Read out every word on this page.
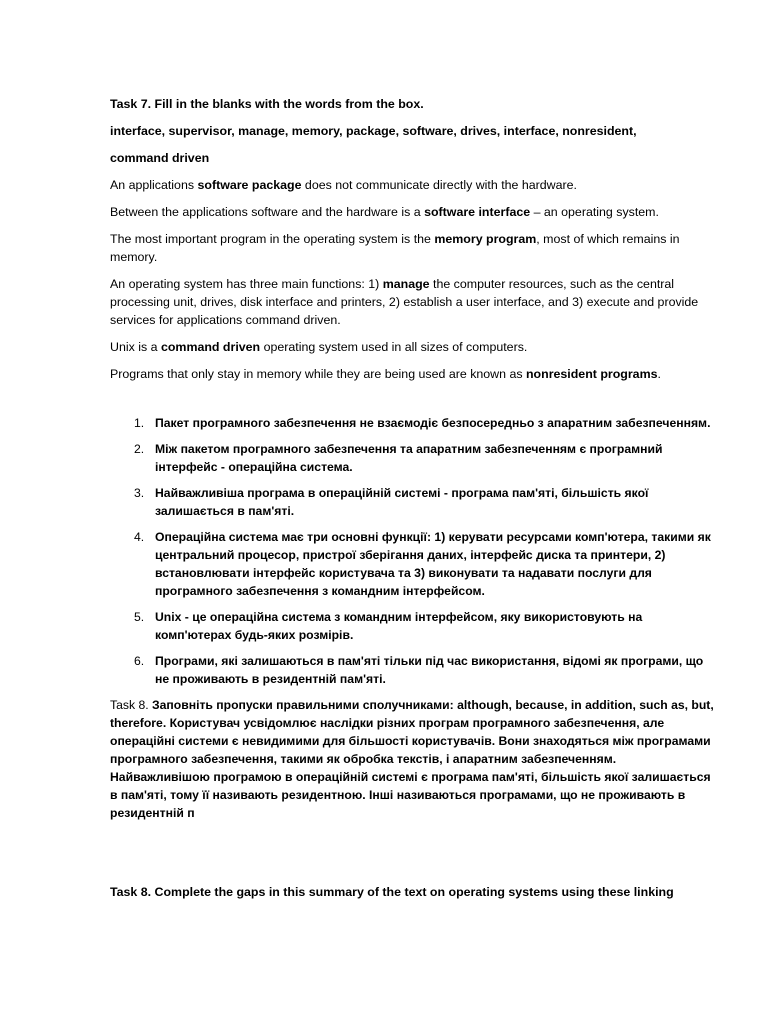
Task 7. Fill in the blanks with the words from the box.

interface, supervisor, manage, memory, package, software, drives, interface, nonresident,

command driven

An applications software package does not communicate directly with the hardware.

Between the applications software and the hardware is a software interface – an operating system.

The most important program in the operating system is the memory program, most of which remains in memory.

An operating system has three main functions: 1) manage the computer resources, such as the central processing unit, drives, disk interface and printers, 2) establish a user interface, and 3) execute and provide services for applications command driven.

Unix is a command driven operating system used in all sizes of computers.

Programs that only stay in memory while they are being used are known as nonresident programs.

1. Пакет програмного забезпечення не взаємодіє безпосередньо з апаратним забезпеченням.
2. Між пакетом програмного забезпечення та апаратним забезпеченням є програмний інтерфейс - операційна система.
3. Найважливіша програма в операційній системі - програма пам'яті, більшість якої залишається в пам'яті.
4. Операційна система має три основні функції: 1) керувати ресурсами комп'ютера, такими як центральний процесор, пристрої зберігання даних, інтерфейс диска та принтери, 2) встановлювати інтерфейс користувача та 3) виконувати та надавати послуги для програмного забезпечення з командним інтерфейсом.
5. Unix - це операційна система з командним інтерфейсом, яку використовують на комп'ютерах будь-яких розмірів.
6. Програми, які залишаються в пам'яті тільки під час використання, відомі як програми, що не проживають в резидентній пам'яті.

Task 8. Заповніть пропуски правильними сполучниками: although, because, in addition, such as, but, therefore. Користувач усвідомлює наслідки різних програм програмного забезпечення, але операційні системи є невидимими для більшості користувачів. Вони знаходяться між програмами програмного забезпечення, такими як обробка текстів, і апаратним забезпеченням. Найважливішою програмою в операційній системі є програма пам'яті, більшість якої залишається в пам'яті, тому її називають резидентною. Інші називаються програмами, що не проживають в резидентній п

Task 8. Complete the gaps in this summary of the text on operating systems using these linking
